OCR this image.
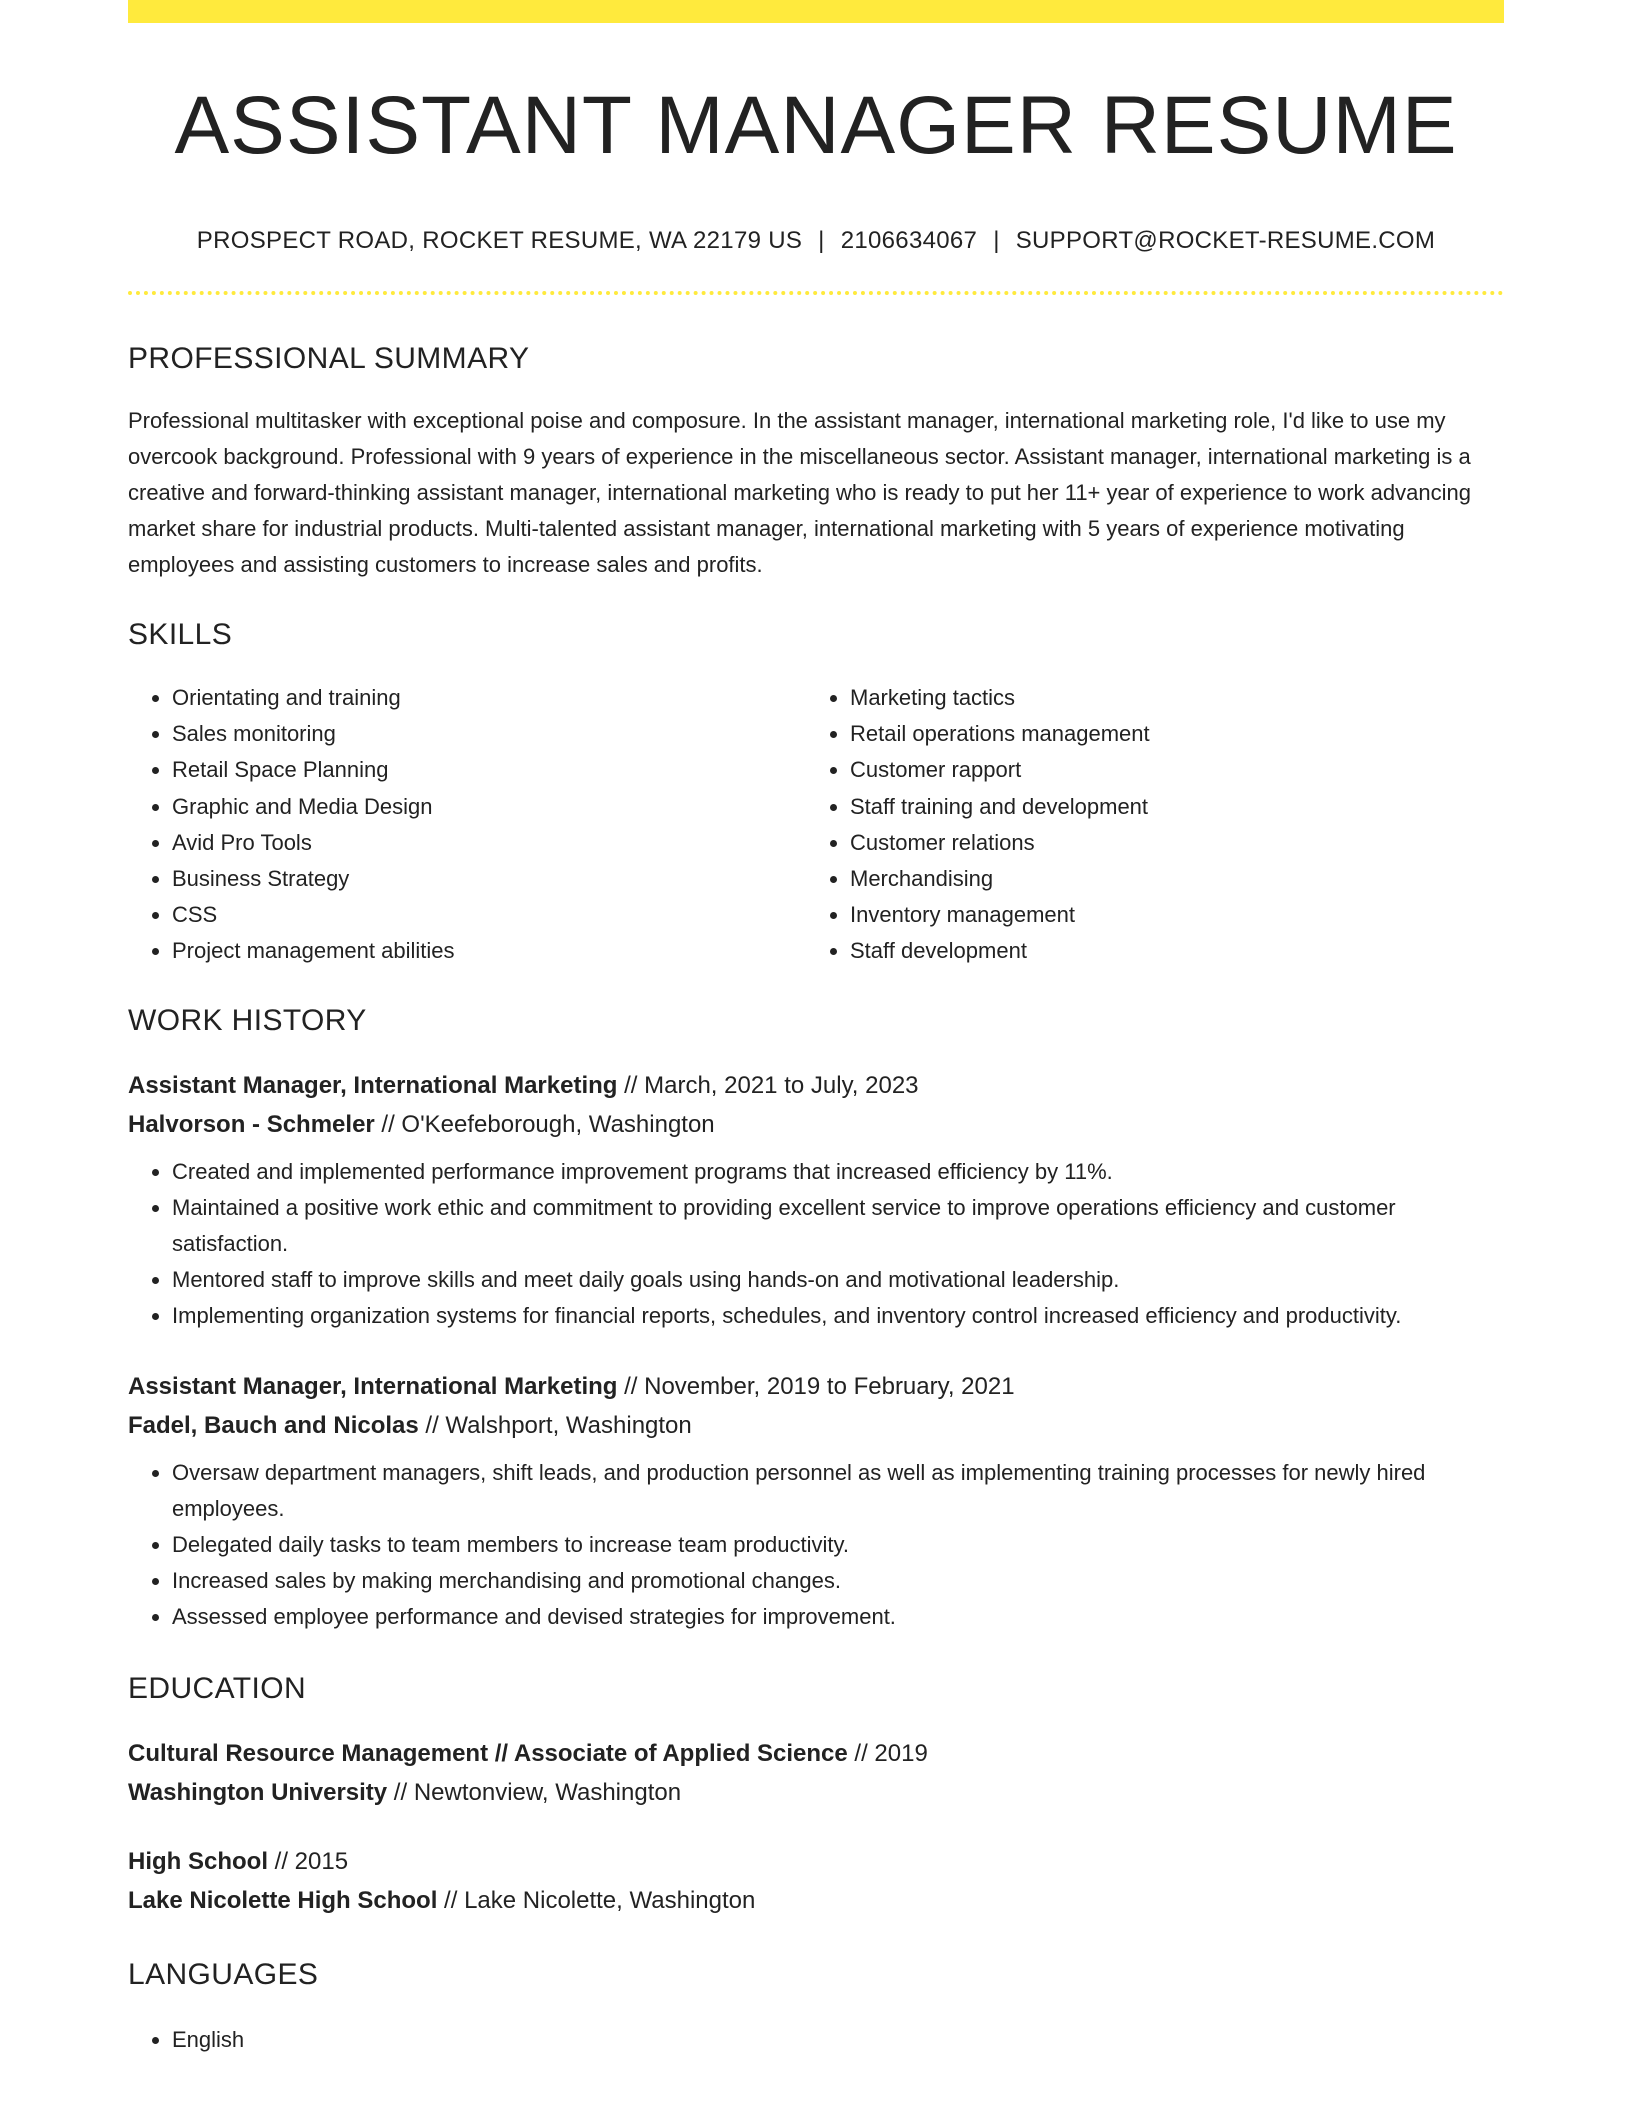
ASSISTANT MANAGER RESUME
PROSPECT ROAD, ROCKET RESUME, WA 22179 US | 2106634067 | SUPPORT@ROCKET-RESUME.COM
PROFESSIONAL SUMMARY

Professional multitasker with exceptional poise and composure. In the assistant manager, international marketing role, I'd like to use my overcook background. Professional with 9 years of experience in the miscellaneous sector. Assistant manager, international marketing is a creative and forward-thinking assistant manager, international marketing who is ready to put her 11+ year of experience to work advancing market share for industrial products. Multi-talented assistant manager, international marketing with 5 years of experience motivating employees and assisting customers to increase sales and profits.

SKILLS
• Orientating and training
• Sales monitoring
• Retail Space Planning
• Graphic and Media Design
• Avid Pro Tools
• Business Strategy
• CSS
• Project management abilities
• Marketing tactics
• Retail operations management
• Customer rapport
• Staff training and development
• Customer relations
• Merchandising
• Inventory management
• Staff development
WORK HISTORY
Assistant Manager, International Marketing // March, 2021 to July, 2023
Halvorson - Schmeler // O'Keefeborough, Washington
• Created and implemented performance improvement programs that increased efficiency by 11%.
• Maintained a positive work ethic and commitment to providing excellent service to improve operations efficiency and customer satisfaction.
• Mentored staff to improve skills and meet daily goals using hands-on and motivational leadership.
• Implementing organization systems for financial reports, schedules, and inventory control increased efficiency and productivity.
Assistant Manager, International Marketing // November, 2019 to February, 2021
Fadel, Bauch and Nicolas // Walshport, Washington
• Oversaw department managers, shift leads, and production personnel as well as implementing training processes for newly hired employees.
• Delegated daily tasks to team members to increase team productivity.
• Increased sales by making merchandising and promotional changes.
• Assessed employee performance and devised strategies for improvement.
EDUCATION
Cultural Resource Management // Associate of Applied Science // 2019
Washington University // Newtonview, Washington
High School // 2015
Lake Nicolette High School // Lake Nicolette, Washington
LANGUAGES
• English
